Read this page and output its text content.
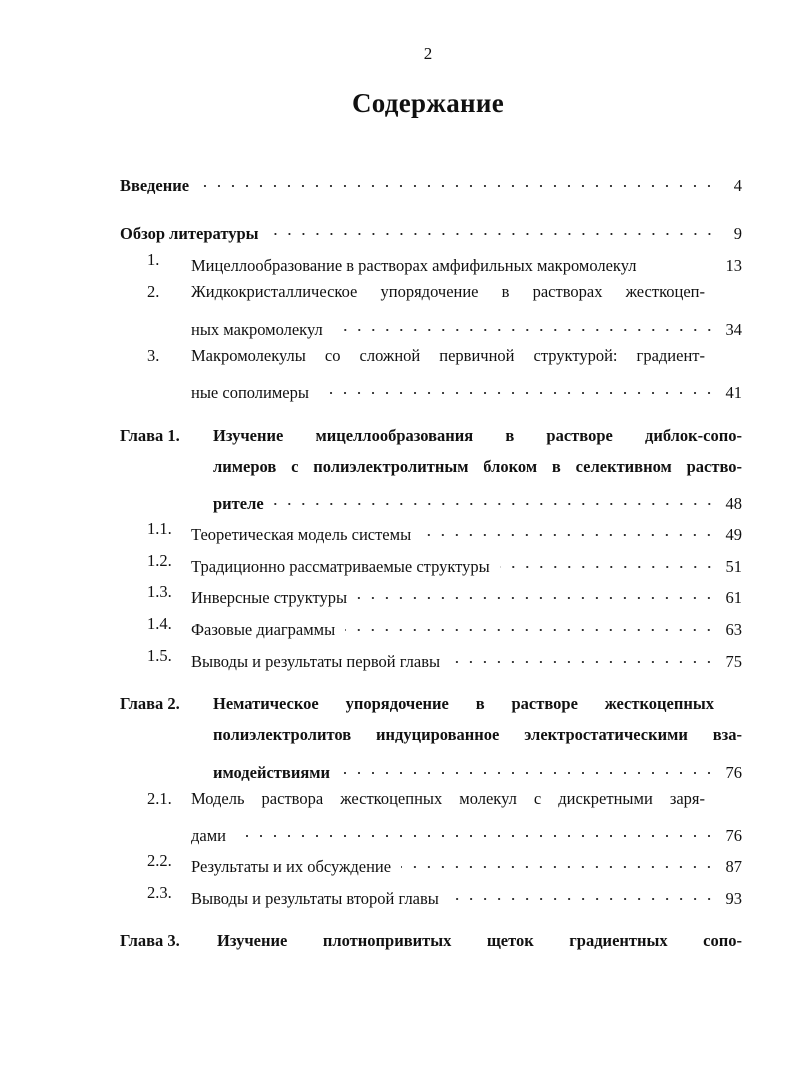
2
Содержание
Введение	4
Обзор литературы	9
1. Мицеллообразование в растворах амфифильных макромолекул	13
2. Жидкокристаллическое упорядочение в растворах жесткоцеп-
ных макромолекул	34
3. Макромолекулы со сложной первичной структурой: градиент-
ные сополимеры	41
Глава 1. Изучение мицеллообразования в растворе диблок-сопо-
лимеров с полиэлектролитным блоком в селективном раство-
рителе	48
1.1. Теоретическая модель системы	49
1.2. Традиционно рассматриваемые структуры	51
1.3. Инверсные структуры	61
1.4. Фазовые диаграммы	63
1.5. Выводы и результаты первой главы	75
Глава 2. Нематическое упорядочение в растворе жесткоцепных
полиэлектролитов индуцированное электростатическими вза-
имодействиями	76
2.1. Модель раствора жесткоцепных молекул с дискретными заря-
дами	76
2.2. Результаты и их обсуждение	87
2.3. Выводы и результаты второй главы	93
Глава 3. Изучение плотнопривитых щеток градиентных сопо-
